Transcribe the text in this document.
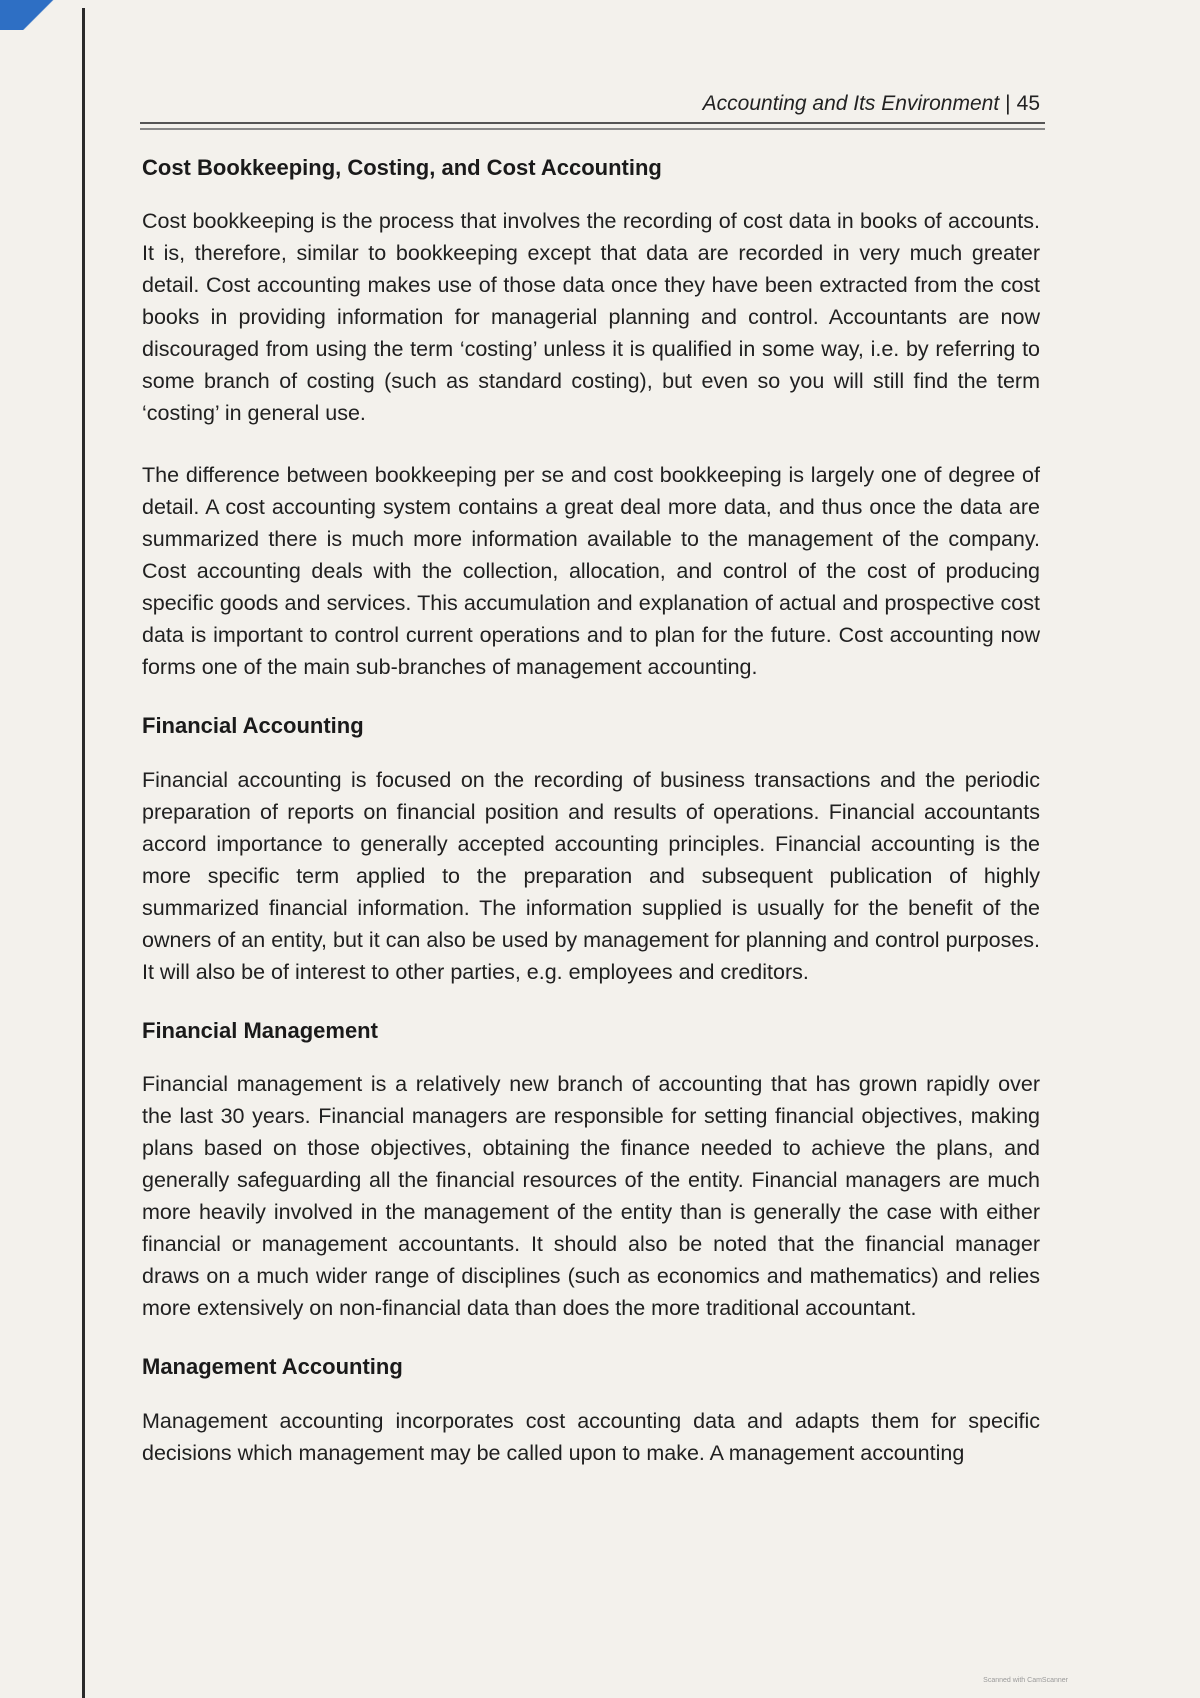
Accounting and Its Environment | 45
Cost Bookkeeping, Costing, and Cost Accounting

Cost bookkeeping is the process that involves the recording of cost data in books of accounts. It is, therefore, similar to bookkeeping except that data are recorded in very much greater detail. Cost accounting makes use of those data once they have been extracted from the cost books in providing information for managerial planning and control. Accountants are now discouraged from using the term ‘costing’ unless it is qualified in some way, i.e. by referring to some branch of costing (such as standard costing), but even so you will still find the term ‘costing’ in general use.

The difference between bookkeeping per se and cost bookkeeping is largely one of degree of detail. A cost accounting system contains a great deal more data, and thus once the data are summarized there is much more information available to the management of the company. Cost accounting deals with the collection, allocation, and control of the cost of producing specific goods and services. This accumulation and explanation of actual and prospective cost data is important to control current operations and to plan for the future. Cost accounting now forms one of the main sub-branches of management accounting.

Financial Accounting

Financial accounting is focused on the recording of business transactions and the periodic preparation of reports on financial position and results of operations. Financial accountants accord importance to generally accepted accounting principles. Financial accounting is the more specific term applied to the preparation and subsequent publication of highly summarized financial information. The information supplied is usually for the benefit of the owners of an entity, but it can also be used by management for planning and control purposes. It will also be of interest to other parties, e.g. employees and creditors.

Financial Management

Financial management is a relatively new branch of accounting that has grown rapidly over the last 30 years. Financial managers are responsible for setting financial objectives, making plans based on those objectives, obtaining the finance needed to achieve the plans, and generally safeguarding all the financial resources of the entity. Financial managers are much more heavily involved in the management of the entity than is generally the case with either financial or management accountants. It should also be noted that the financial manager draws on a much wider range of disciplines (such as economics and mathematics) and relies more extensively on non-financial data than does the more traditional accountant.

Management Accounting

Management accounting incorporates cost accounting data and adapts them for specific decisions which management may be called upon to make. A management accounting

Scanned with CamScanner
